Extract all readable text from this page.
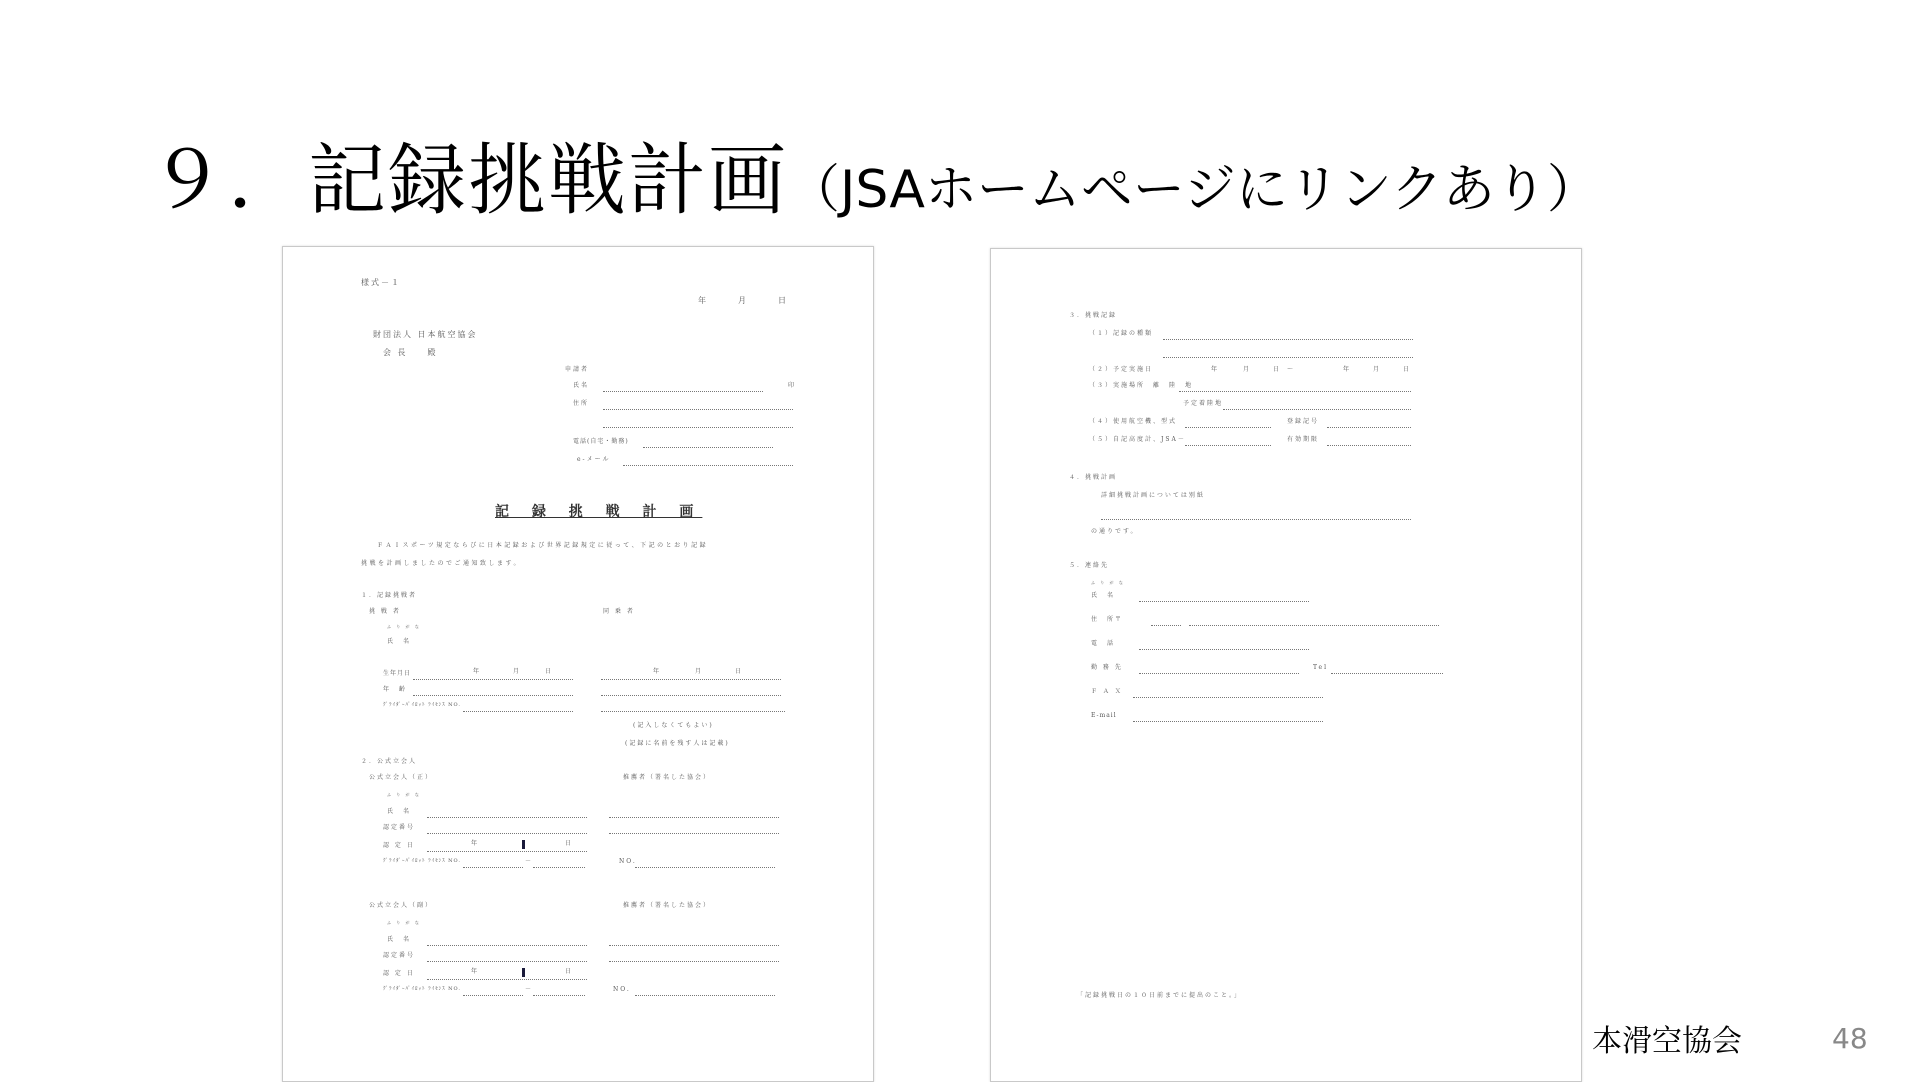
９．記録挑戦計画（JSAホームページにリンクあり）
様式－１
年　月　日
財団法人 日本航空協会
会 長　　殿
申請者
氏名	印
住所
電話(自宅・勤務)
e-メール
記 録 挑 戦 計 画
ＦＡＩスポーツ規定ならびに日本記録および世界記録規定に従って、下記のとおり記録
挑戦を計画しましたのでご通知致します。
１．記録挑戦者
挑 戦 者	同 乗 者
ふ り が な
氏　名
生年月日	年	月	日	年	月	日
年　齢
ｸﾞﾗｲﾀﾞｰﾊﾟｲﾛｯﾄ ﾗｲｾﾝｽ NO.
(記入しなくてもよい)
(記録に名前を残す人は記載)
２．公式立会人
公式立会人（正）	推薦者（署名した協会）
ふ り が な
氏　名
認定番号
認 定 日	年	日
ｸﾞﾗｲﾀﾞｰﾊﾟｲﾛｯﾄ ﾗｲｾﾝｽ NO.	－	NO.
公式立会人（副）	推薦者（署名した協会）
ふ り が な
氏　名
認定番号
認 定 日	年	日
ｸﾞﾗｲﾀﾞｰﾊﾟｲﾛｯﾄ ﾗｲｾﾝｽ NO.	－	NO.
３．挑戦記録
（１）記録の種類
（２）予定実施日	年	月	日 ～	年	月	日
（３）実施場所　離　陸　地
予定着陸地
（４）使用航空機、型式	登録記号
（５）自記高度計、JSA－	有効期限
４．挑戦計画
詳細挑戦計画については別紙
の通りです。
５．連絡先
ふ り が な
氏　名
住　所〒
電　話
勤 務 先	Tel
Ｆ Ａ Ｘ
E-mail
「記録挑戦日の１０日前までに提出のこと。」
本滑空協会	48
